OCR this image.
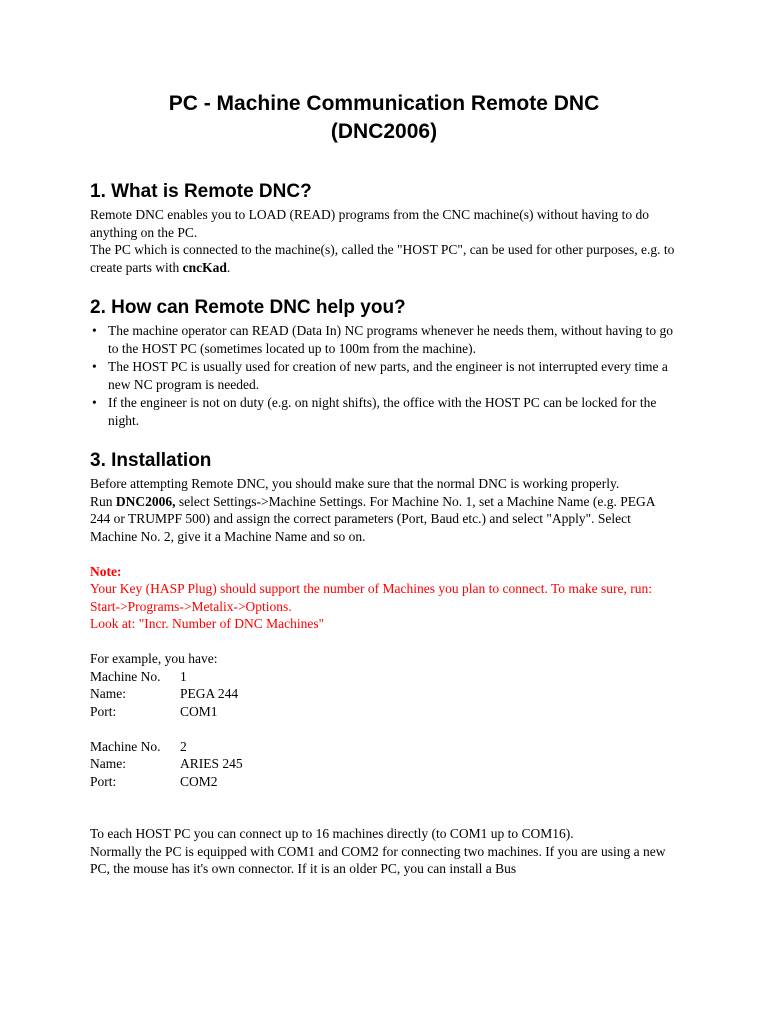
PC - Machine Communication Remote DNC
(DNC2006)
1. What is Remote DNC?

Remote DNC enables you to LOAD (READ) programs from the CNC machine(s) without having to do anything on the PC.

The PC which is connected to the machine(s), called the "HOST PC", can be used for other purposes, e.g. to create parts with cncKad.

2. How can Remote DNC help you?
• The machine operator can READ (Data In) NC programs whenever he needs them, without having to go to the HOST PC (sometimes located up to 100m from the machine).
• The HOST PC is usually used for creation of new parts, and the engineer is not interrupted every time a new NC program is needed.
• If the engineer is not on duty (e.g. on night shifts), the office with the HOST PC can be locked for the night.
3. Installation

Before attempting Remote DNC, you should make sure that the normal DNC is working properly.

Run DNC2006, select Settings->Machine Settings. For Machine No. 1, set a Machine Name (e.g. PEGA 244 or TRUMPF 500) and assign the correct parameters (Port, Baud etc.) and select "Apply". Select Machine No. 2, give it a Machine Name and so on.

Note:

Your Key (HASP Plug) should support the number of Machines you plan to connect. To make sure, run: Start->Programs->Metalix->Options.

Look at: "Incr. Number of DNC Machines"

For example, you have:

Machine No.	1
Name:	PEGA 244
Port:	COM1
Machine No.	2
Name:	ARIES 245
Port:	COM2

To each HOST PC you can connect up to 16 machines directly (to COM1 up to COM16).

Normally the PC is equipped with COM1 and COM2 for connecting two machines. If you are using a new PC, the mouse has it's own connector. If it is an older PC, you can install a Bus
